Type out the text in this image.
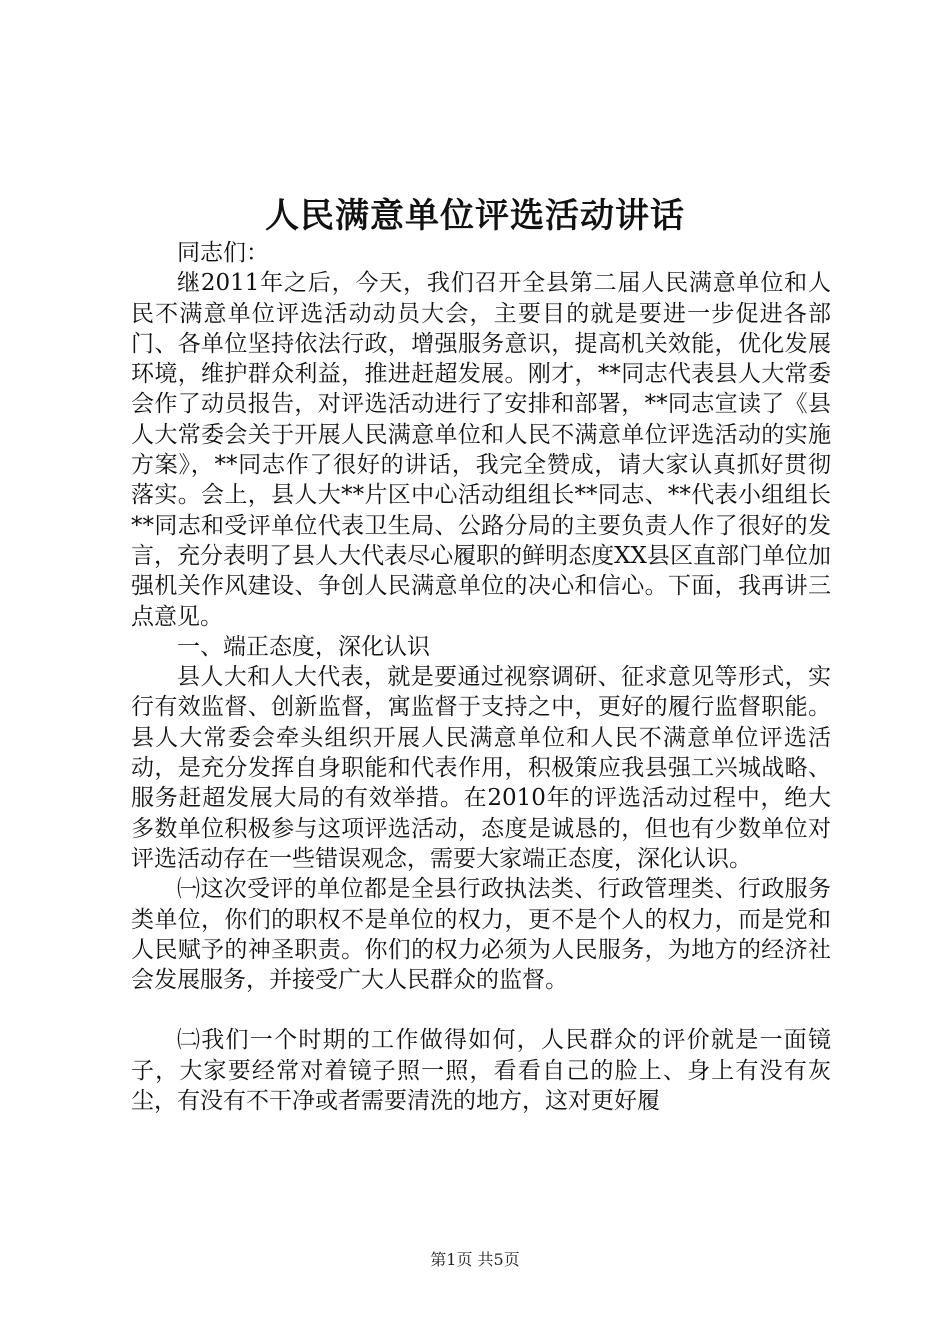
人民满意单位评选活动讲话

同志们：

继2011年之后，今天，我们召开全县第二届人民满意单位和人民不满意单位评选活动动员大会，主要目的就是要进一步促进各部门、各单位坚持依法行政，增强服务意识，提高机关效能，优化发展环境，维护群众利益，推进赶超发展。刚才，**同志代表县人大常委会作了动员报告，对评选活动进行了安排和部署，**同志宣读了《县人大常委会关于开展人民满意单位和人民不满意单位评选活动的实施方案》，**同志作了很好的讲话，我完全赞成，请大家认真抓好贯彻落实。会上，县人大**片区中心活动组组长**同志、**代表小组组长**同志和受评单位代表卫生局、公路分局的主要负责人作了很好的发言，充分表明了县人大代表尽心履职的鲜明态度XX县区直部门单位加强机关作风建设、争创人民满意单位的决心和信心。下面，我再讲三点意见。

一、端正态度，深化认识

县人大和人大代表，就是要通过视察调研、征求意见等形式，实行有效监督、创新监督，寓监督于支持之中，更好的履行监督职能。县人大常委会牵头组织开展人民满意单位和人民不满意单位评选活动，是充分发挥自身职能和代表作用，积极策应我县强工兴城战略、服务赶超发展大局的有效举措。在2010年的评选活动过程中，绝大多数单位积极参与这项评选活动，态度是诚恳的，但也有少数单位对评选活动存在一些错误观念，需要大家端正态度，深化认识。

㈠这次受评的单位都是全县行政执法类、行政管理类、行政服务类单位，你们的职权不是单位的权力，更不是个人的权力，而是党和人民赋予的神圣职责。你们的权力必须为人民服务，为地方的经济社会发展服务，并接受广大人民群众的监督。

㈡我们一个时期的工作做得如何，人民群众的评价就是一面镜子，大家要经常对着镜子照一照，看看自己的脸上、身上有没有灰尘，有没有不干净或者需要清洗的地方，这对更好履

第1页 共5页
